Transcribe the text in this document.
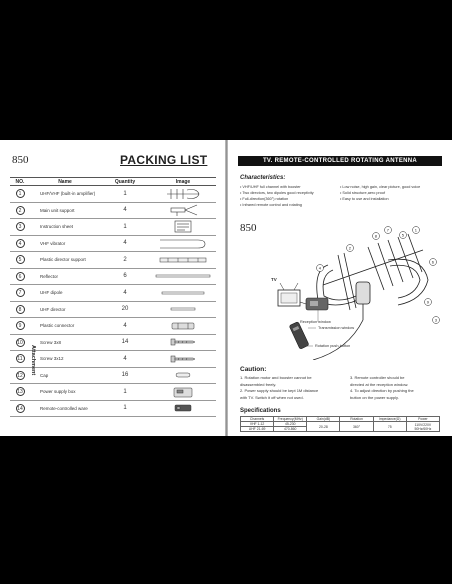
850	PACKING LIST
NO.	Name	Quantity	Image
1	UHF/VHF (built-in amplifier)	1	

2	Main unit support	4	

3	Instruction sheet	1	

4	VHF vibrator	4	

5	Plastic director support	2	

6	Reflector	6	

7	UHF dipole	4	

8	UHF director	20	

9	Plastic connector	4	

10	Screw 3x8	14	

11	Screw 3x12	4	

12	Cap	16	

13	Power supply box	1	

14	Remote-controlled ware	1	
Attachment
TV. REMOTE-CONTROLLED ROTATING ANTENNA
Characteristics:
• VHF/UHF full channel with booster
• Two directors, two dipoles good receptivity
• Full-direction(360°) rotation
• Infrared remote control and rotating
• Low noise, high gain, clear picture, good voice
• Solid structure,aero proof
• Easy to use and installation
850	1
5
7
8
2
6
4
9
3
TV
Reception window
Transmission window
Rotation push-button
Caution:
1. Rotation motor and booster cannot be
disassembled freely.
2. Power supply should be kept 1M distance
with TV. Switch it off when not used.
3. Remote controller should be
directed at the reception window.
4. To adjust direction by pushing the
button on the power supply.
Specifications
Channels	Frequency(MHz)	Gain(dB)	Rotation	Impedance(Ω)	Power
VHF 1-12	45-230	20-28	360°	75	110V/220V 50Hz/60Hz
UHF 21-69	470-860				
